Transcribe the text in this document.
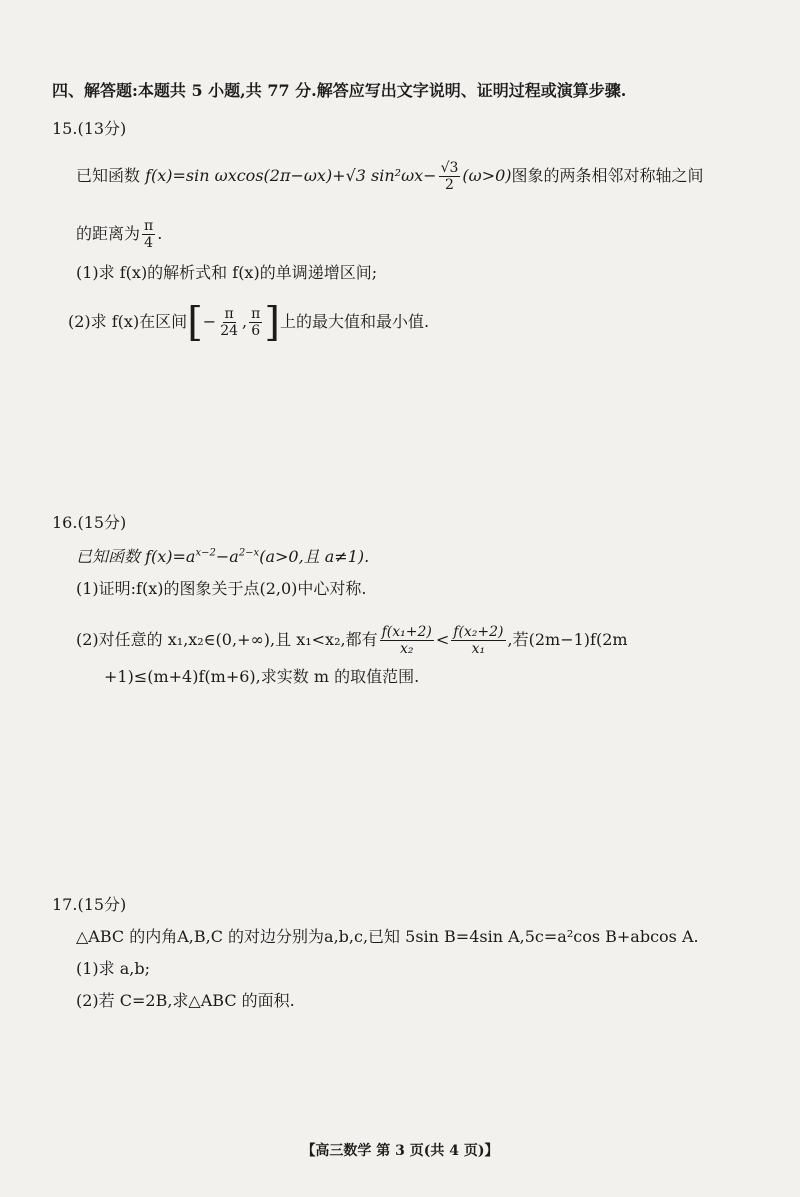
四、解答题:本题共 5 小题,共 77 分.解答应写出文字说明、证明过程或演算步骤.
15.(13分)
已知函数 f(x)=sin ωxcos(2π−ωx)+√3 $\sin^2\omega x- \frac{√3}{2} (\omega>0)$图象的两条相邻对称轴之间
的距离为 $\frac{\pi}{4}$ .
(1)求 f(x)的解析式和 f(x)的单调递增区间;
(2)求 f(x)在区间[− $\frac{\pi}{24}$ , $\frac{\pi}{6}$ ]上的最大值和最小值.
16.(15分)
已知函数 $f(x)=a^{x-2}-a^{2-x}(a>0$,且 a≠1).
(1)证明:f(x)的图象关于点(2,0)中心对称.
(2)对任意的 x₁,x₂∈(0,+∞),且 x₁<x₂,都有 $\frac{\text{f(x₁+2)}}{\text{x₂}} < \frac{\text{f(x₂+2)}}{\text{x₁}}$ ,若(2m−1)f(2m
+1)≤(m+4)f(m+6),求实数 m 的取值范围.
17.(15分)
△ABC 的内角A,B,C 的对边分别为a,b,c,已知 5sin B=4sin A,5c=a²cos B+abcos A.
(1)求 a,b;
(2)若 C=2B,求△ABC 的面积.
【高三数学 第 3 页(共 4 页)】
